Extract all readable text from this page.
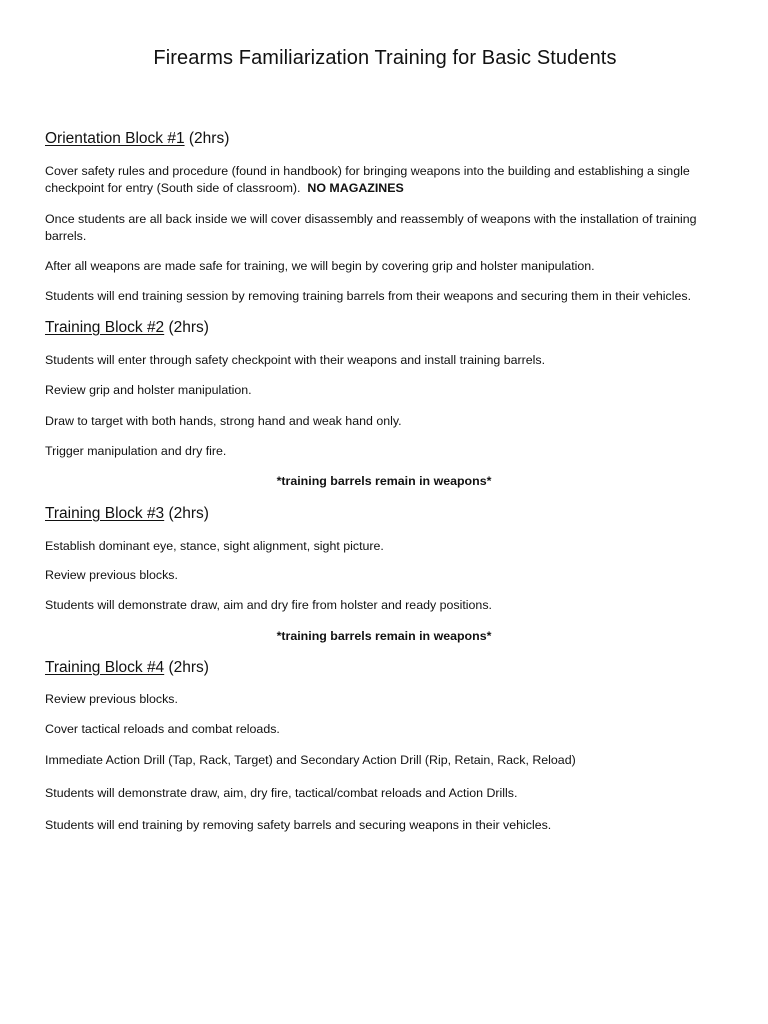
Firearms Familiarization Training for Basic Students
Orientation Block #1 (2hrs)
Cover safety rules and procedure (found in handbook) for bringing weapons into the building and establishing a single checkpoint for entry (South side of classroom). NO MAGAZINES
Once students are all back inside we will cover disassembly and reassembly of weapons with the installation of training barrels.
After all weapons are made safe for training, we will begin by covering grip and holster manipulation.
Students will end training session by removing training barrels from their weapons and securing them in their vehicles.
Training Block #2 (2hrs)
Students will enter through safety checkpoint with their weapons and install training barrels.
Review grip and holster manipulation.
Draw to target with both hands, strong hand and weak hand only.
Trigger manipulation and dry fire.
*training barrels remain in weapons*
Training Block #3 (2hrs)
Establish dominant eye, stance, sight alignment, sight picture.
Review previous blocks.
Students will demonstrate draw, aim and dry fire from holster and ready positions.
*training barrels remain in weapons*
Training Block #4 (2hrs)
Review previous blocks.
Cover tactical reloads and combat reloads.
Immediate Action Drill (Tap, Rack, Target) and Secondary Action Drill (Rip, Retain, Rack, Reload)
Students will demonstrate draw, aim, dry fire, tactical/combat reloads and Action Drills.
Students will end training by removing safety barrels and securing weapons in their vehicles.
